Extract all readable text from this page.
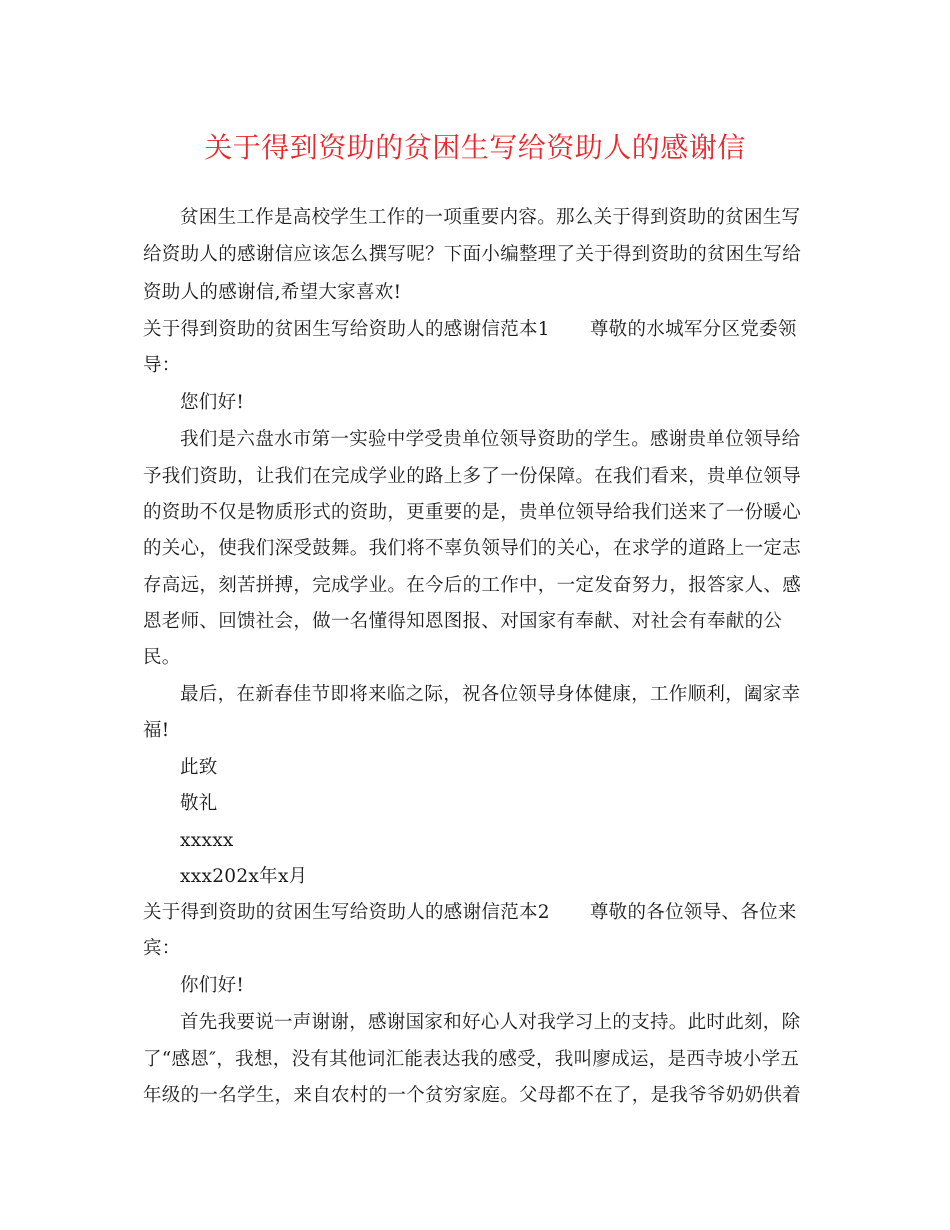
关于得到资助的贫困生写给资助人的感谢信
贫困生工作是高校学生工作的一项重要内容。那么关于得到资助的贫困生写
给资助人的感谢信应该怎么撰写呢？下面小编整理了关于得到资助的贫困生写给
资助人的感谢信,希望大家喜欢!
关于得到资助的贫困生写给资助人的感谢信范本1 尊敬的水城军分区党委领
导：
您们好!
我们是六盘水市第一实验中学受贵单位领导资助的学生。感谢贵单位领导给
予我们资助，让我们在完成学业的路上多了一份保障。在我们看来，贵单位领导
的资助不仅是物质形式的资助，更重要的是，贵单位领导给我们送来了一份暖心
的关心，使我们深受鼓舞。我们将不辜负领导们的关心，在求学的道路上一定志
存高远，刻苦拼搏，完成学业。在今后的工作中，一定发奋努力，报答家人、感
恩老师、回馈社会，做一名懂得知恩图报、对国家有奉献、对社会有奉献的公
民。
最后，在新春佳节即将来临之际，祝各位领导身体健康，工作顺利，阖家幸
福!
此致
敬礼
xxxxx
xxx202x年x月
关于得到资助的贫困生写给资助人的感谢信范本2 尊敬的各位领导、各位来
宾：
你们好!
首先我要说一声谢谢，感谢国家和好心人对我学习上的支持。此时此刻，除
了“感恩″，我想，没有其他词汇能表达我的感受，我叫廖成运，是西寺坡小学五
年级的一名学生，来自农村的一个贫穷家庭。父母都不在了，是我爷爷奶奶供着
